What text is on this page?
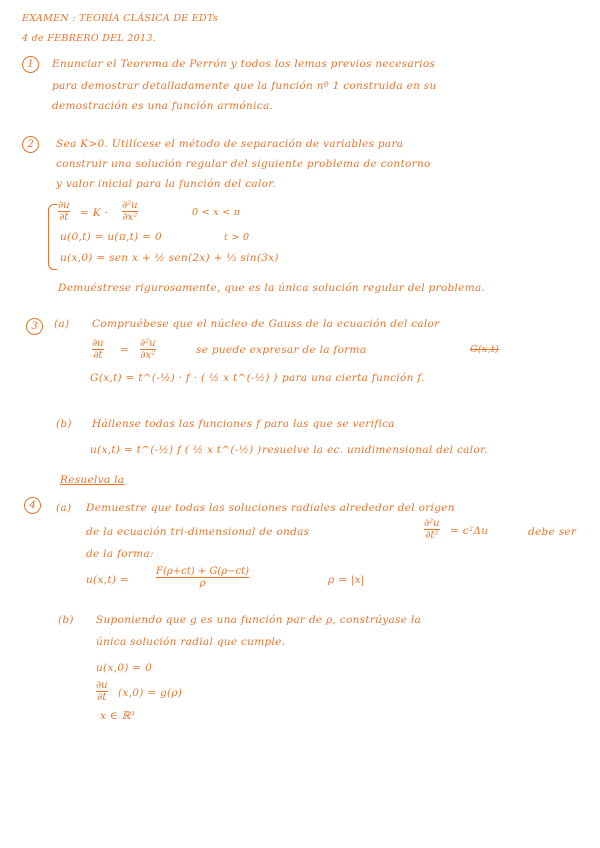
EXAMEN : TEORÍA CLÁSICA DE EDTs
4 de FEBRERO DEL 2013.
1	Enunciar el Teorema de Perrón y todos los lemas previos necesarios
para demostrar detalladamente que la función nº 1 construida en su
demostración es una función armónica.
2	Sea K>0. Utilícese el método de separación de variables para
construir una solución regular del siguiente problema de contorno
y valor inicial para la función del calor.
$\frac{\partial u}{\partial t} = K \cdot \frac{\text{∂²u}}{\text{∂x²}}$	0 < x < π
u(0,t) = u(π,t) = 0	t > 0
u(x,0) = sen x + ½ sen(2x) + ⅓ sin(3x)
Demuéstrese rigurosamente, que es la única solución regular del problema.
3	(a) Compruébese que el núcleo de Gauss de la ecuación del calor
$\frac{\partial u}{\partial t} = \frac{\text{∂²u}}{\text{∂x²}}$	se puede expresar de la forma	G(x,t)
G(x,t) = t^(-½) · f · ( ½ x t^(-½) ) para una cierta función f.
(b) Hállense todas las funciones f para las que se verifica
u(x,t) = t^(-½) f ( ½ x t^(-½) ) resuelve la ec. unidimensional del calor.
Resuelva la
4	(a) Demuestre que todas las soluciones radiales alrededor del origen
de la ecuación tri-dimensional de ondas	$\frac{\text{∂²u}}{\text{∂t²}} = c^2\Delta u$	debe ser
de la forma:
u(x,t) =	$\frac{F(\rho+ct) + G(\rho-ct)}{\rho}$	ρ = |x|
(b) Suponiendo que g es una función par de ρ, constrúyase la
única solución radial que cumple.
u(x,0) = 0
$\frac{\partial u}{\partial t} (x,0) = g(\rho)$
x ∈ ℝ³
